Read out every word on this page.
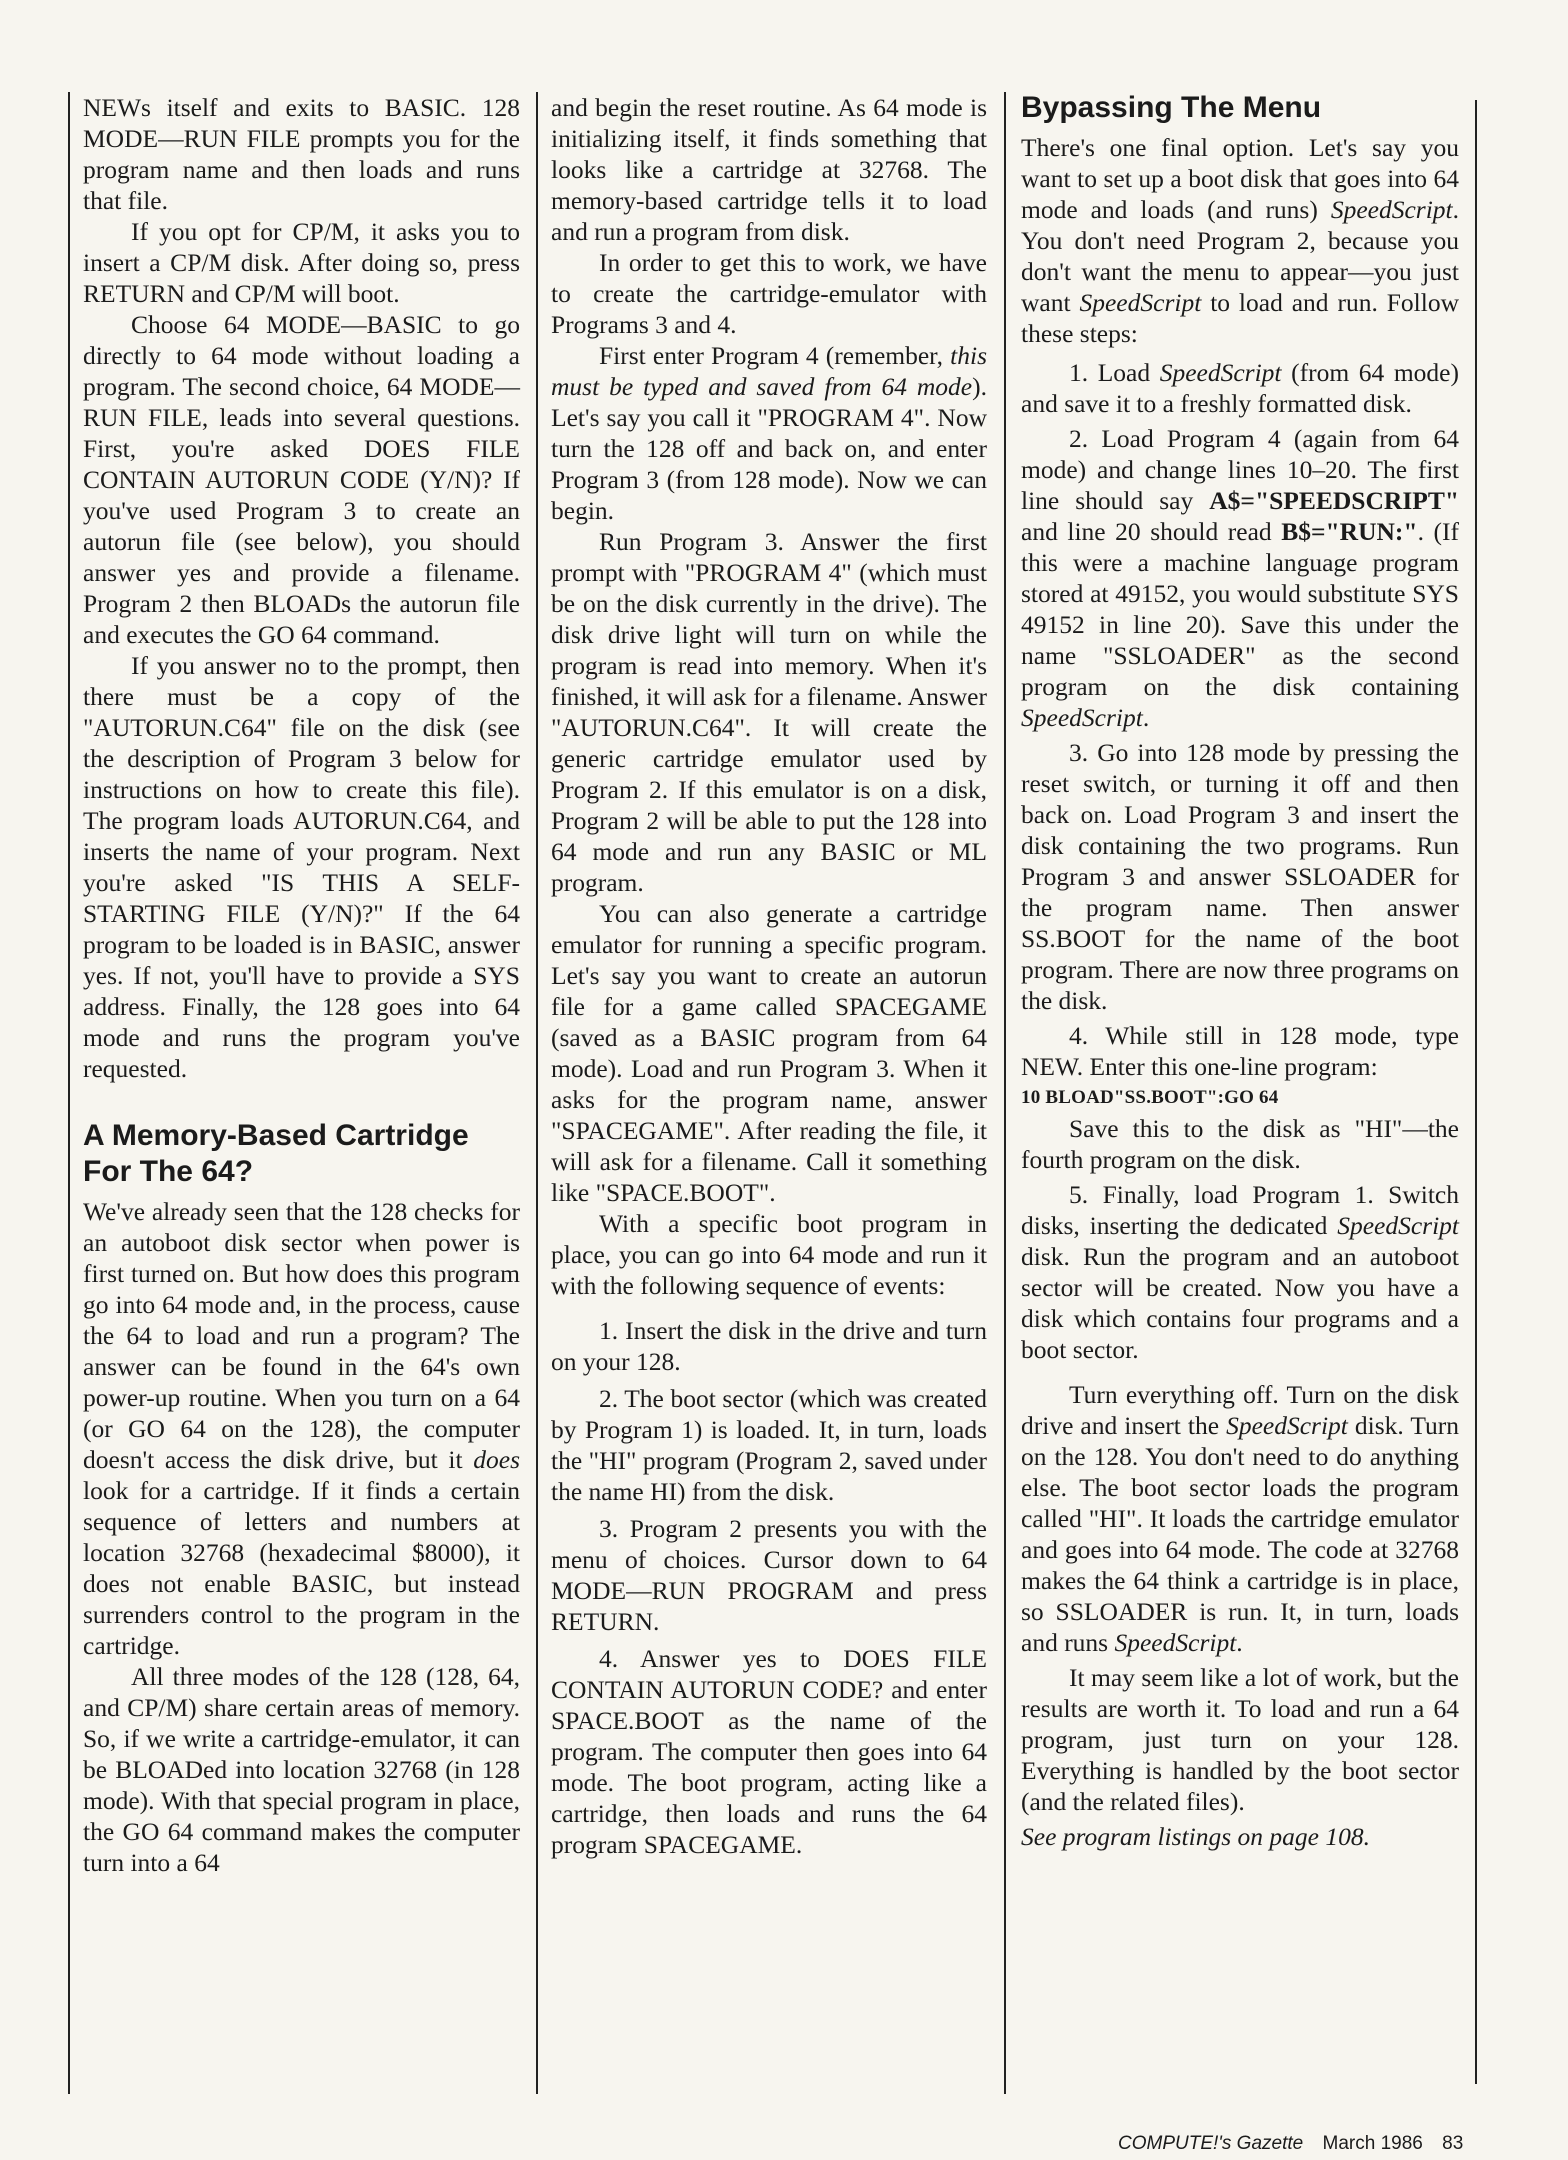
NEWs itself and exits to BASIC. 128 MODE—RUN FILE prompts you for the program name and then loads and runs that file.

If you opt for CP/M, it asks you to insert a CP/M disk. After doing so, press RETURN and CP/M will boot.

Choose 64 MODE—BASIC to go directly to 64 mode without loading a program. The second choice, 64 MODE—RUN FILE, leads into several questions. First, you're asked DOES FILE CONTAIN AUTORUN CODE (Y/N)? If you've used Program 3 to create an autorun file (see below), you should answer yes and provide a filename. Program 2 then BLOADs the autorun file and executes the GO 64 command.

If you answer no to the prompt, then there must be a copy of the "AUTORUN.C64" file on the disk (see the description of Program 3 below for instructions on how to create this file). The program loads AUTORUN.C64, and inserts the name of your program. Next you're asked "IS THIS A SELF-STARTING FILE (Y/N)?" If the 64 program to be loaded is in BASIC, answer yes. If not, you'll have to provide a SYS address. Finally, the 128 goes into 64 mode and runs the program you've requested.

A Memory-Based Cartridge For The 64?

We've already seen that the 128 checks for an autoboot disk sector when power is first turned on. But how does this program go into 64 mode and, in the process, cause the 64 to load and run a program? The answer can be found in the 64's own power-up routine. When you turn on a 64 (or GO 64 on the 128), the computer doesn't access the disk drive, but it does look for a cartridge. If it finds a certain sequence of letters and numbers at location 32768 (hexadecimal $8000), it does not enable BASIC, but instead surrenders control to the program in the cartridge.

All three modes of the 128 (128, 64, and CP/M) share certain areas of memory. So, if we write a cartridge-emulator, it can be BLOADed into location 32768 (in 128 mode). With that special program in place, the GO 64 command makes the computer turn into a 64

and begin the reset routine. As 64 mode is initializing itself, it finds something that looks like a cartridge at 32768. The memory-based cartridge tells it to load and run a program from disk.

In order to get this to work, we have to create the cartridge-emulator with Programs 3 and 4.

First enter Program 4 (remember, this must be typed and saved from 64 mode). Let's say you call it "PROGRAM 4". Now turn the 128 off and back on, and enter Program 3 (from 128 mode). Now we can begin.

Run Program 3. Answer the first prompt with "PROGRAM 4" (which must be on the disk currently in the drive). The disk drive light will turn on while the program is read into memory. When it's finished, it will ask for a filename. Answer "AUTORUN.C64". It will create the generic cartridge emulator used by Program 2. If this emulator is on a disk, Program 2 will be able to put the 128 into 64 mode and run any BASIC or ML program.

You can also generate a cartridge emulator for running a specific program. Let's say you want to create an autorun file for a game called SPACEGAME (saved as a BASIC program from 64 mode). Load and run Program 3. When it asks for the program name, answer "SPACEGAME". After reading the file, it will ask for a filename. Call it something like "SPACE.BOOT".

With a specific boot program in place, you can go into 64 mode and run it with the following sequence of events:

1. Insert the disk in the drive and turn on your 128.

2. The boot sector (which was created by Program 1) is loaded. It, in turn, loads the "HI" program (Program 2, saved under the name HI) from the disk.

3. Program 2 presents you with the menu of choices. Cursor down to 64 MODE—RUN PROGRAM and press RETURN.

4. Answer yes to DOES FILE CONTAIN AUTORUN CODE? and enter SPACE.BOOT as the name of the program. The computer then goes into 64 mode. The boot program, acting like a cartridge, then loads and runs the 64 program SPACEGAME.

Bypassing The Menu

There's one final option. Let's say you want to set up a boot disk that goes into 64 mode and loads (and runs) SpeedScript. You don't need Program 2, because you don't want the menu to appear—you just want SpeedScript to load and run. Follow these steps:

1. Load SpeedScript (from 64 mode) and save it to a freshly formatted disk.

2. Load Program 4 (again from 64 mode) and change lines 10–20. The first line should say A$="SPEEDSCRIPT" and line 20 should read B$="RUN:". (If this were a machine language program stored at 49152, you would substitute SYS 49152 in line 20). Save this under the name "SSLOADER" as the second program on the disk containing SpeedScript.

3. Go into 128 mode by pressing the reset switch, or turning it off and then back on. Load Program 3 and insert the disk containing the two programs. Run Program 3 and answer SSLOADER for the program name. Then answer SS.BOOT for the name of the boot program. There are now three programs on the disk.

4. While still in 128 mode, type NEW. Enter this one-line program:

10 BLOAD"SS.BOOT":GO 64

Save this to the disk as "HI"—the fourth program on the disk.

5. Finally, load Program 1. Switch disks, inserting the dedicated SpeedScript disk. Run the program and an autoboot sector will be created. Now you have a disk which contains four programs and a boot sector.

Turn everything off. Turn on the disk drive and insert the SpeedScript disk. Turn on the 128. You don't need to do anything else. The boot sector loads the program called "HI". It loads the cartridge emulator and goes into 64 mode. The code at 32768 makes the 64 think a cartridge is in place, so SSLOADER is run. It, in turn, loads and runs SpeedScript.

It may seem like a lot of work, but the results are worth it. To load and run a 64 program, just turn on your 128. Everything is handled by the boot sector (and the related files).

See program listings on page 108.

COMPUTE!'s Gazette March 1986 83
